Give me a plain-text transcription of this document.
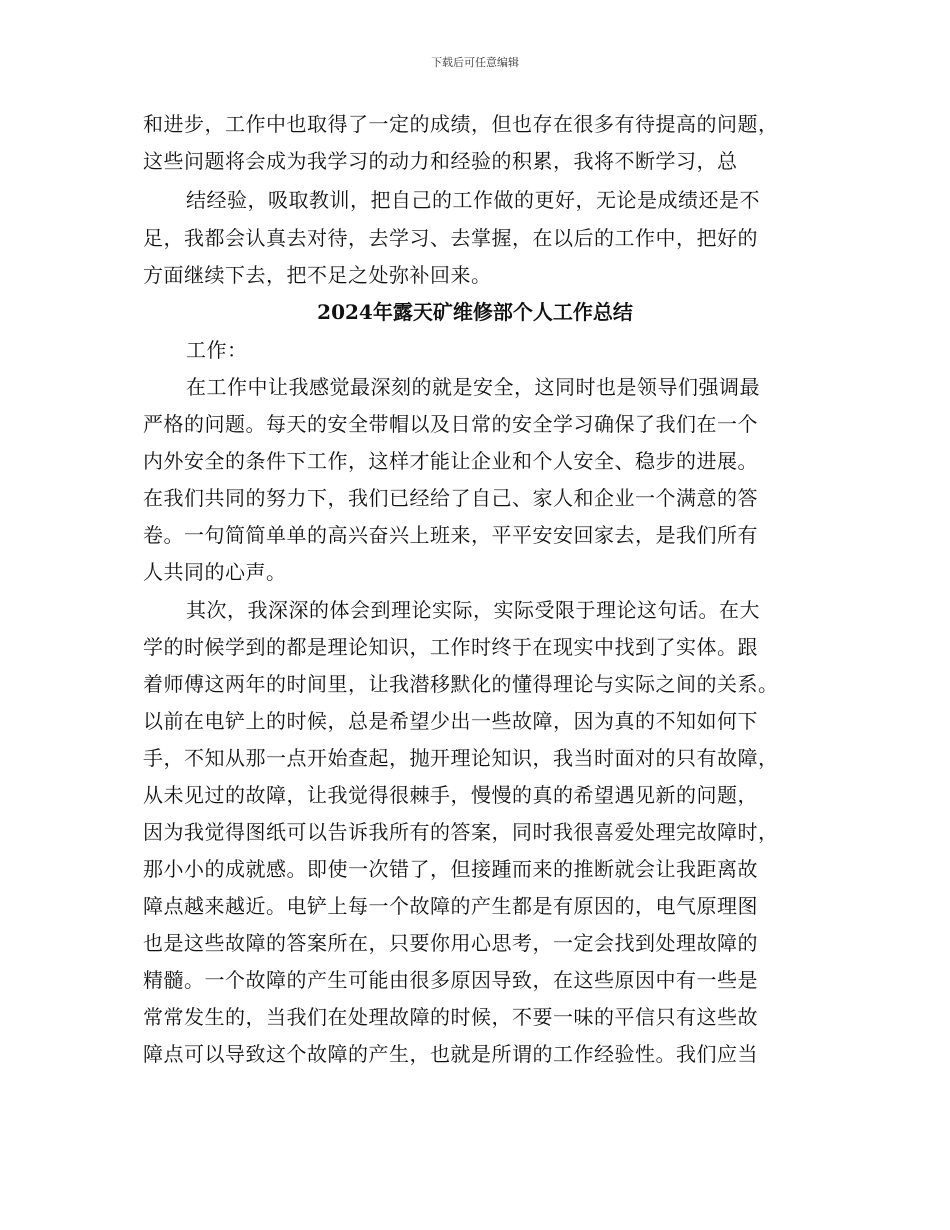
下载后可任意编辑
和进步，工作中也取得了一定的成绩，但也存在很多有待提高的问题，
这些问题将会成为我学习的动力和经验的积累，我将不断学习，总
结经验，吸取教训，把自己的工作做的更好，无论是成绩还是不
足，我都会认真去对待，去学习、去掌握，在以后的工作中，把好的
方面继续下去，把不足之处弥补回来。
2024年露天矿维修部个人工作总结
工作：
在工作中让我感觉最深刻的就是安全，这同时也是领导们强调最
严格的问题。每天的安全带帽以及日常的安全学习确保了我们在一个
内外安全的条件下工作，这样才能让企业和个人安全、稳步的进展。
在我们共同的努力下，我们已经给了自己、家人和企业一个满意的答
卷。一句简简单单的高兴奋兴上班来，平平安安回家去，是我们所有
人共同的心声。
其次，我深深的体会到理论实际，实际受限于理论这句话。在大
学的时候学到的都是理论知识，工作时终于在现实中找到了实体。跟
着师傅这两年的时间里，让我潜移默化的懂得理论与实际之间的关系。
以前在电铲上的时候，总是希望少出一些故障，因为真的不知如何下
手，不知从那一点开始查起，抛开理论知识，我当时面对的只有故障，
从未见过的故障，让我觉得很棘手，慢慢的真的希望遇见新的问题，
因为我觉得图纸可以告诉我所有的答案，同时我很喜爱处理完故障时，
那小小的成就感。即使一次错了，但接踵而来的推断就会让我距离故
障点越来越近。电铲上每一个故障的产生都是有原因的，电气原理图
也是这些故障的答案所在，只要你用心思考，一定会找到处理故障的
精髓。一个故障的产生可能由很多原因导致，在这些原因中有一些是
常常发生的，当我们在处理故障的时候，不要一味的平信只有这些故
障点可以导致这个故障的产生，也就是所谓的工作经验性。我们应当
